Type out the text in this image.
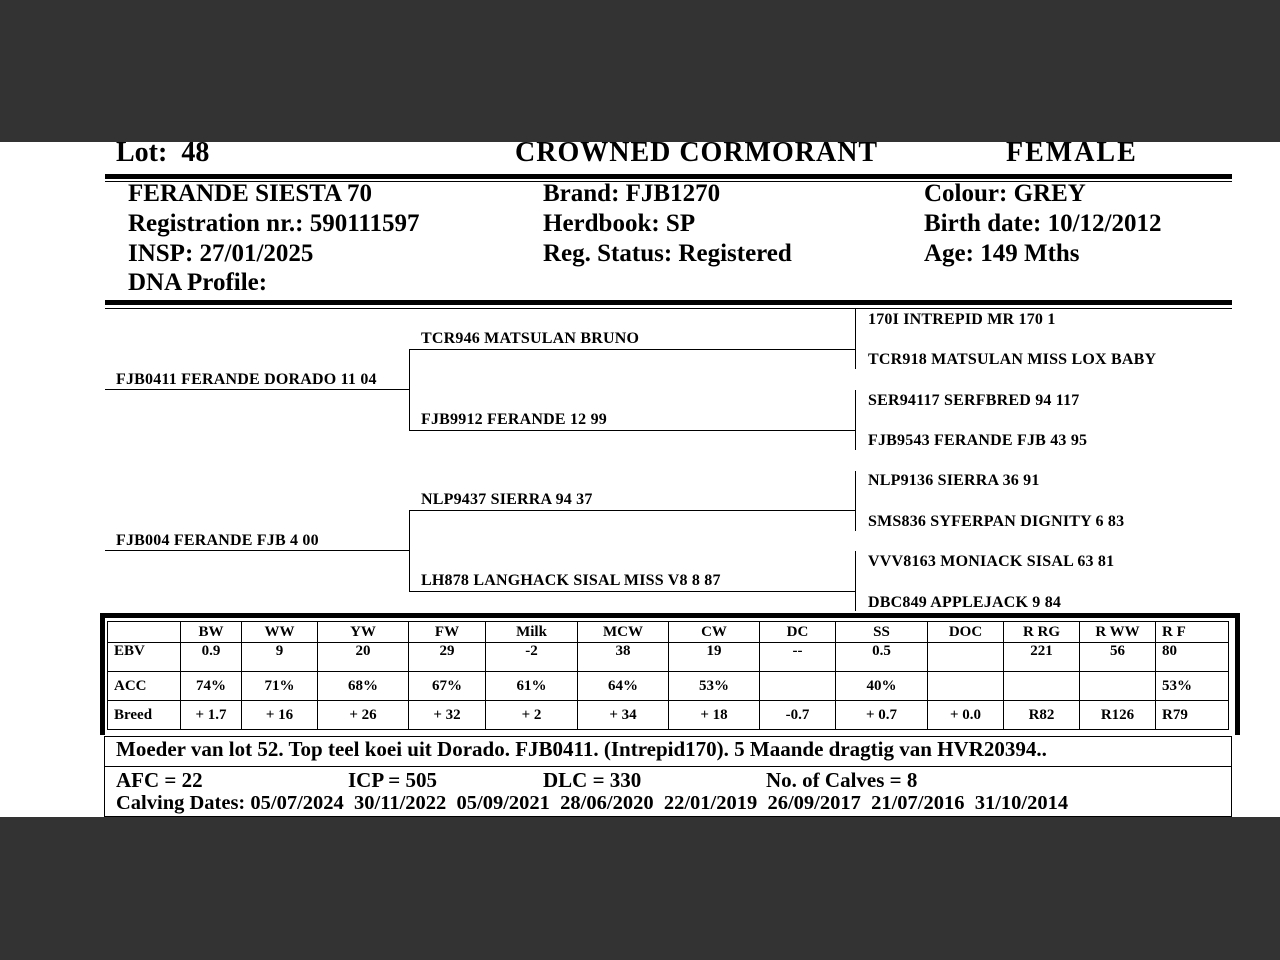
Lot: 48	CROWNED CORMORANT	FEMALE
FERANDE SIESTA 70
Registration nr.: 590111597
INSP: 27/01/2025
DNA Profile:
Brand: FJB1270
Herdbook: SP
Reg. Status: Registered
Colour: GREY
Birth date: 10/12/2012
Age: 149 Mths
FJB0411 FERANDE DORADO 11 04
FJB004 FERANDE FJB 4 00
TCR946 MATSULAN BRUNO
FJB9912 FERANDE 12 99
NLP9437 SIERRA 94 37
LH878 LANGHACK SISAL MISS V8 8 87
170I INTREPID MR 170 1
TCR918 MATSULAN MISS LOX BABY
SER94117 SERFBRED 94 117
FJB9543 FERANDE FJB 43 95
NLP9136 SIERRA 36 91
SMS836 SYFERPAN DIGNITY 6 83
VVV8163 MONIACK SISAL 63 81
DBC849 APPLEJACK 9 84
	BW	WW	YW	FW	Milk	MCW	CW	DC	SS	DOC	R RG	R WW	R F
EBV	0.9	9	20	29	-2	38	19	--	0.5		221	56	80
ACC	74%	71%	68%	67%	61%	64%	53%		40%				53%
Breed	+ 1.7	+ 16	+ 26	+ 32	+ 2	+ 34	+ 18	-0.7	+ 0.7	+ 0.0	R82	R126	R79
Moeder van lot 52. Top teel koei uit Dorado. FJB0411. (Intrepid170). 5 Maande dragtig van HVR20394..
AFC = 22	ICP = 505	DLC = 330	No. of Calves = 8
Calving Dates: 05/07/2024  30/11/2022  05/09/2021  28/06/2020  22/01/2019  26/09/2017  21/07/2016  31/10/2014
